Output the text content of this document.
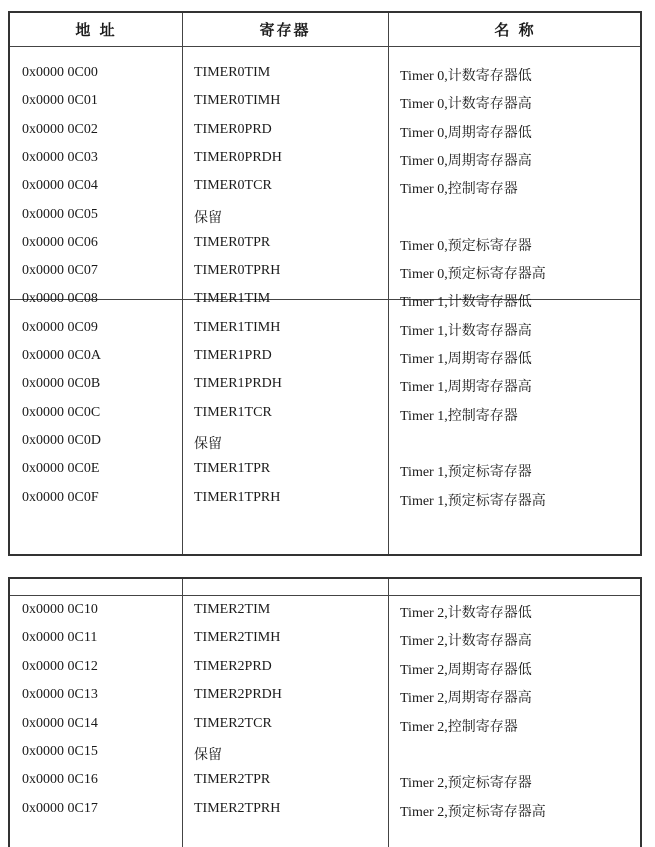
地 址	寄存器	名 称
0x0000 0C00	TIMER0TIM	Timer 0,计数寄存器低
0x0000 0C01	TIMER0TIMH	Timer 0,计数寄存器高
0x0000 0C02	TIMER0PRD	Timer 0,周期寄存器低
0x0000 0C03	TIMER0PRDH	Timer 0,周期寄存器高
0x0000 0C04	TIMER0TCR	Timer 0,控制寄存器
0x0000 0C05	保留
0x0000 0C06	TIMER0TPR	Timer 0,预定标寄存器
0x0000 0C07	TIMER0TPRH	Timer 0,预定标寄存器高
0x0000 0C08	TIMER1TIM	Timer 1,计数寄存器低
0x0000 0C09	TIMER1TIMH	Timer 1,计数寄存器高
0x0000 0C0A	TIMER1PRD	Timer 1,周期寄存器低
0x0000 0C0B	TIMER1PRDH	Timer 1,周期寄存器高
0x0000 0C0C	TIMER1TCR	Timer 1,控制寄存器
0x0000 0C0D	保留
0x0000 0C0E	TIMER1TPR	Timer 1,预定标寄存器
0x0000 0C0F	TIMER1TPRH	Timer 1,预定标寄存器高
0x0000 0C10	TIMER2TIM	Timer 2,计数寄存器低
0x0000 0C11	TIMER2TIMH	Timer 2,计数寄存器高
0x0000 0C12	TIMER2PRD	Timer 2,周期寄存器低
0x0000 0C13	TIMER2PRDH	Timer 2,周期寄存器高
0x0000 0C14	TIMER2TCR	Timer 2,控制寄存器
0x0000 0C15	保留
0x0000 0C16	TIMER2TPR	Timer 2,预定标寄存器
0x0000 0C17	TIMER2TPRH	Timer 2,预定标寄存器高
